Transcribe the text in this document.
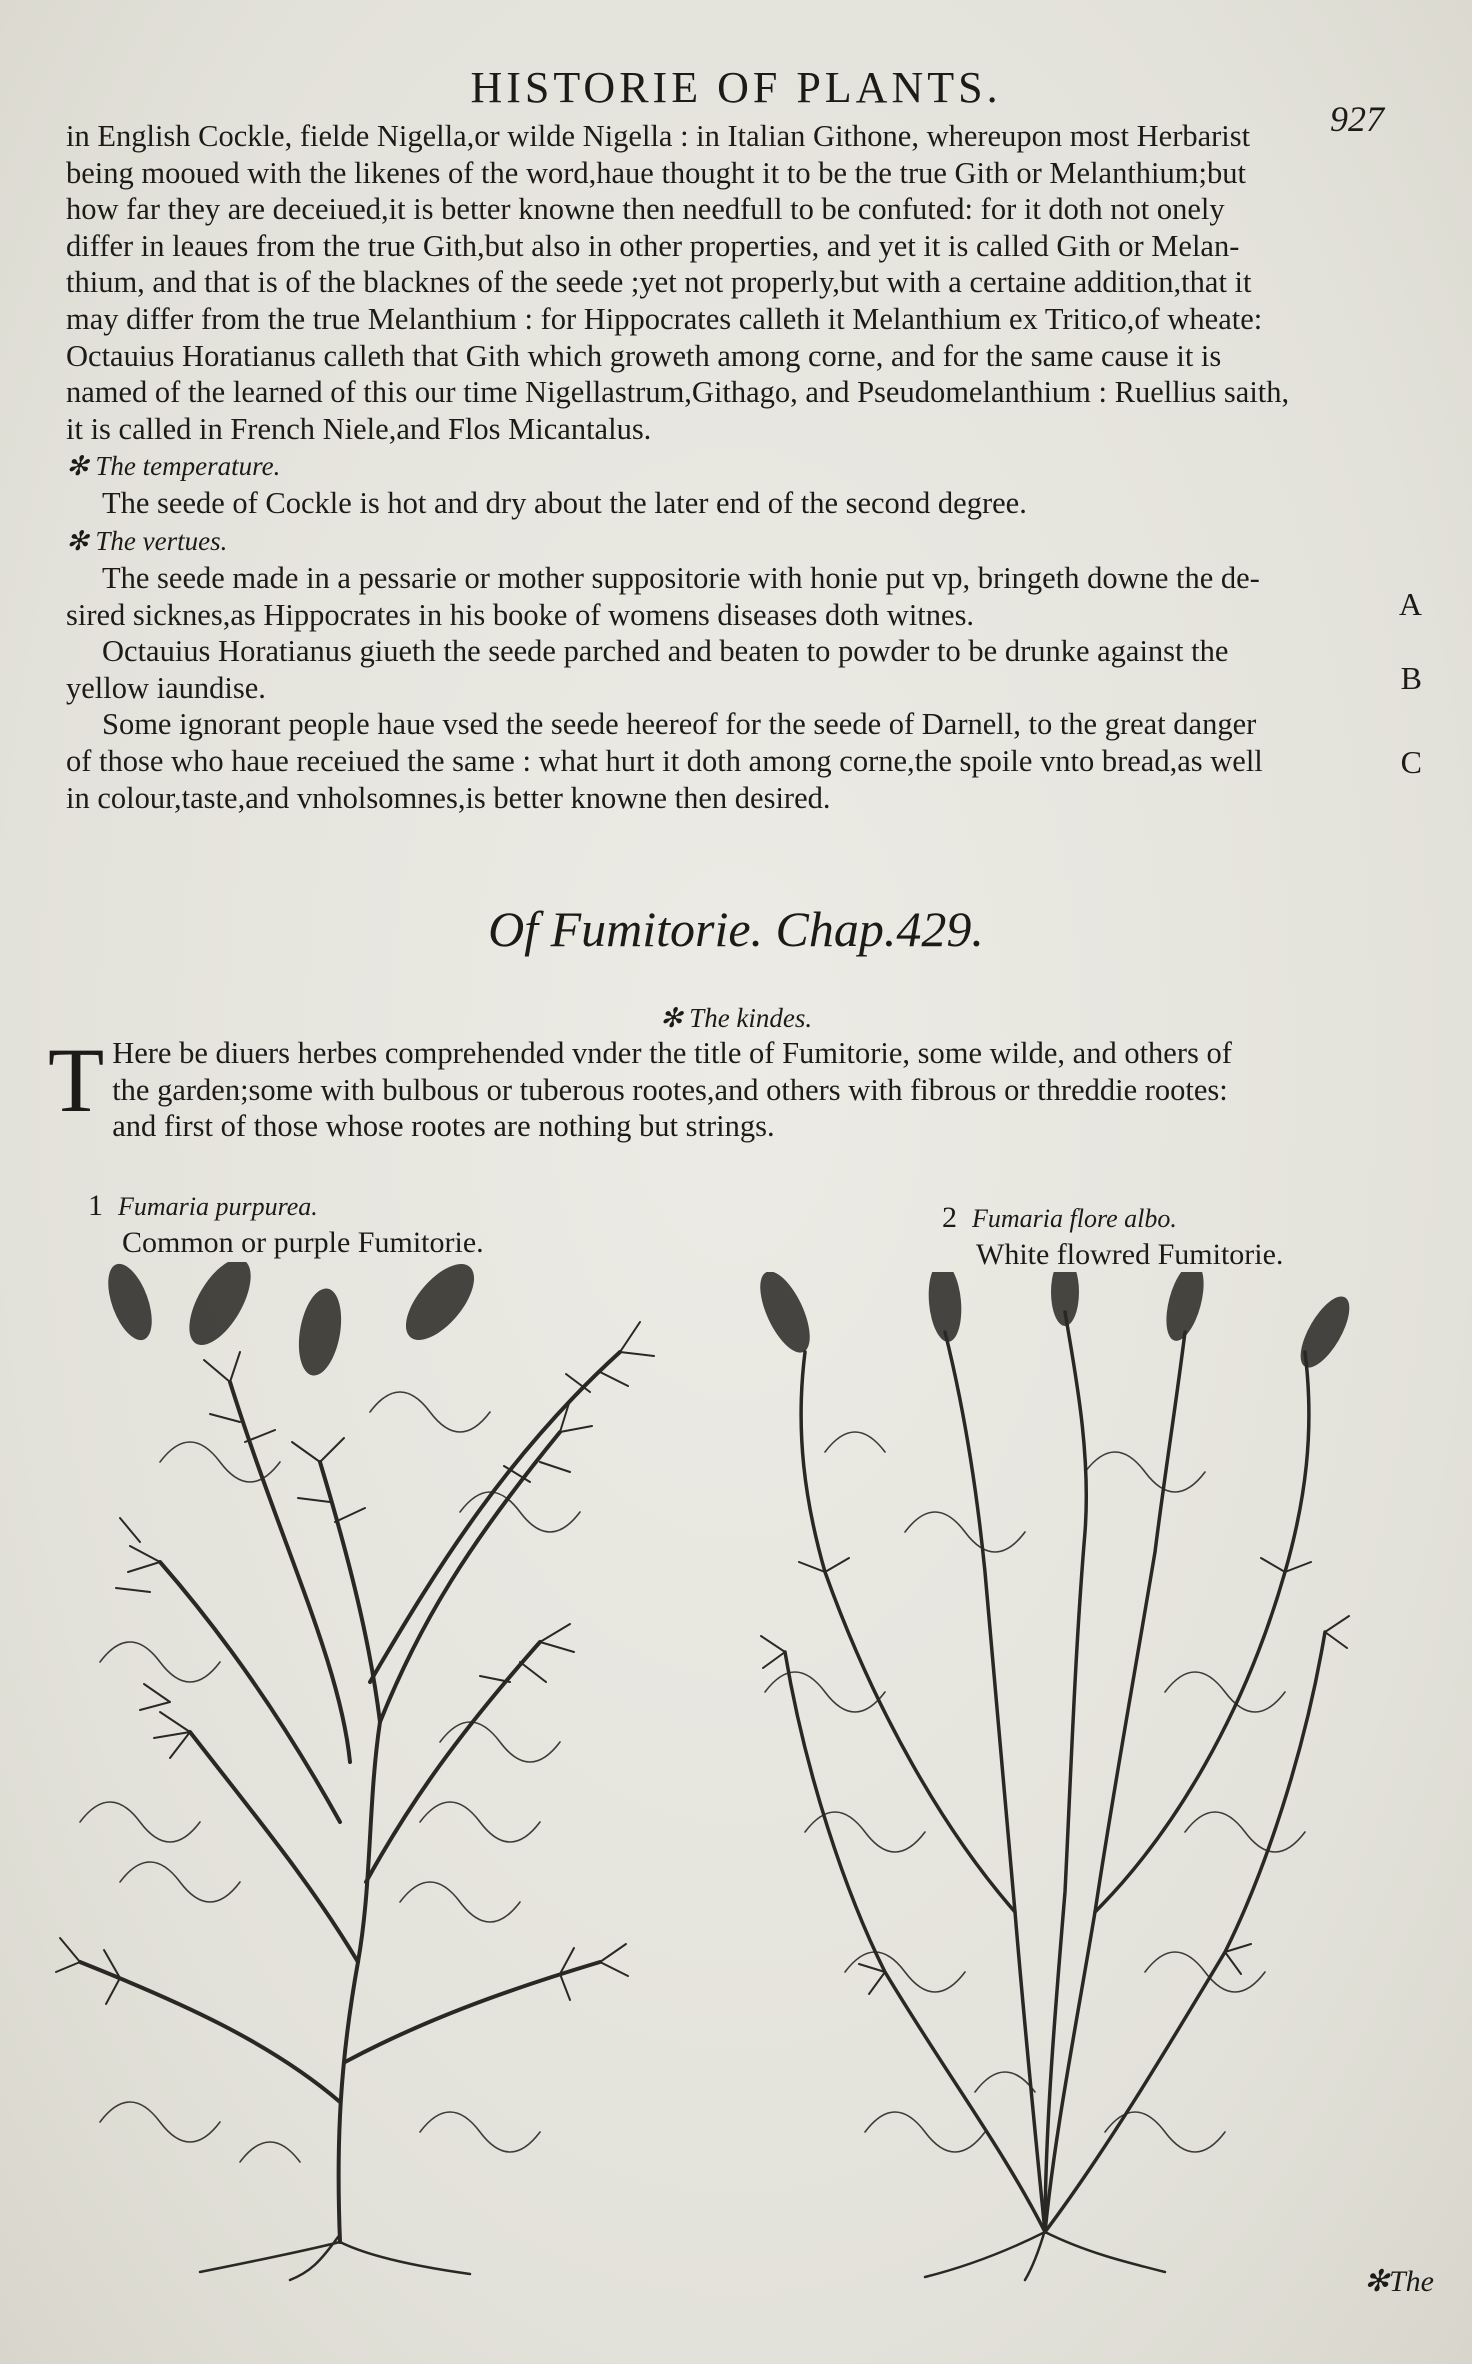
HISTORIE OF PLANTS.
927

in English Cockle, fielde Nigella,or wilde Nigella : in Italian Githone, whereupon most Herbarist
being mooued with the likenes of the word,haue thought it to be the true Gith or Melanthium;but
how far they are deceiued,it is better knowne then needfull to be confuted: for it doth not onely
differ in leaues from the true Gith,but also in other properties, and yet it is called Gith or Melan-
thium, and that is of the blacknes of the seede ;yet not properly,but with a certaine addition,that it
may differ from the true Melanthium : for Hippocrates calleth it Melanthium ex Tritico,of wheate:
Octauius Horatianus calleth that Gith which groweth among corne, and for the same cause it is
named of the learned of this our time Nigellastrum,Githago, and Pseudomelanthium : Ruellius saith,
it is called in French Niele,and Flos Micantalus.

✻ The temperature.

The seede of Cockle is hot and dry about the later end of the second degree.

✻ The vertues.

The seede made in a pessarie or mother suppositorie with honie put vp, bringeth downe the de-
sired sicknes,as Hippocrates in his booke of womens diseases doth witnes.

Octauius Horatianus giueth the seede parched and beaten to powder to be drunke against the
yellow iaundise.

Some ignorant people haue vsed the seede heereof for the seede of Darnell, to the great danger
of those who haue receiued the same : what hurt it doth among corne,the spoile vnto bread,as well
in colour,taste,and vnholsomnes,is better knowne then desired.

A
B
C
Of Fumitorie. Chap.429.
✻ The kindes.
T Here be diuers herbes comprehended vnder the title of Fumitorie, some wilde, and others of
the garden;some with bulbous or tuberous rootes,and others with fibrous or threddie rootes:
and first of those whose rootes are nothing but strings.
1 Fumaria purpurea.
Common or purple Fumitorie.
2 Fumaria flore albo.
White flowred Fumitorie.
✻The
